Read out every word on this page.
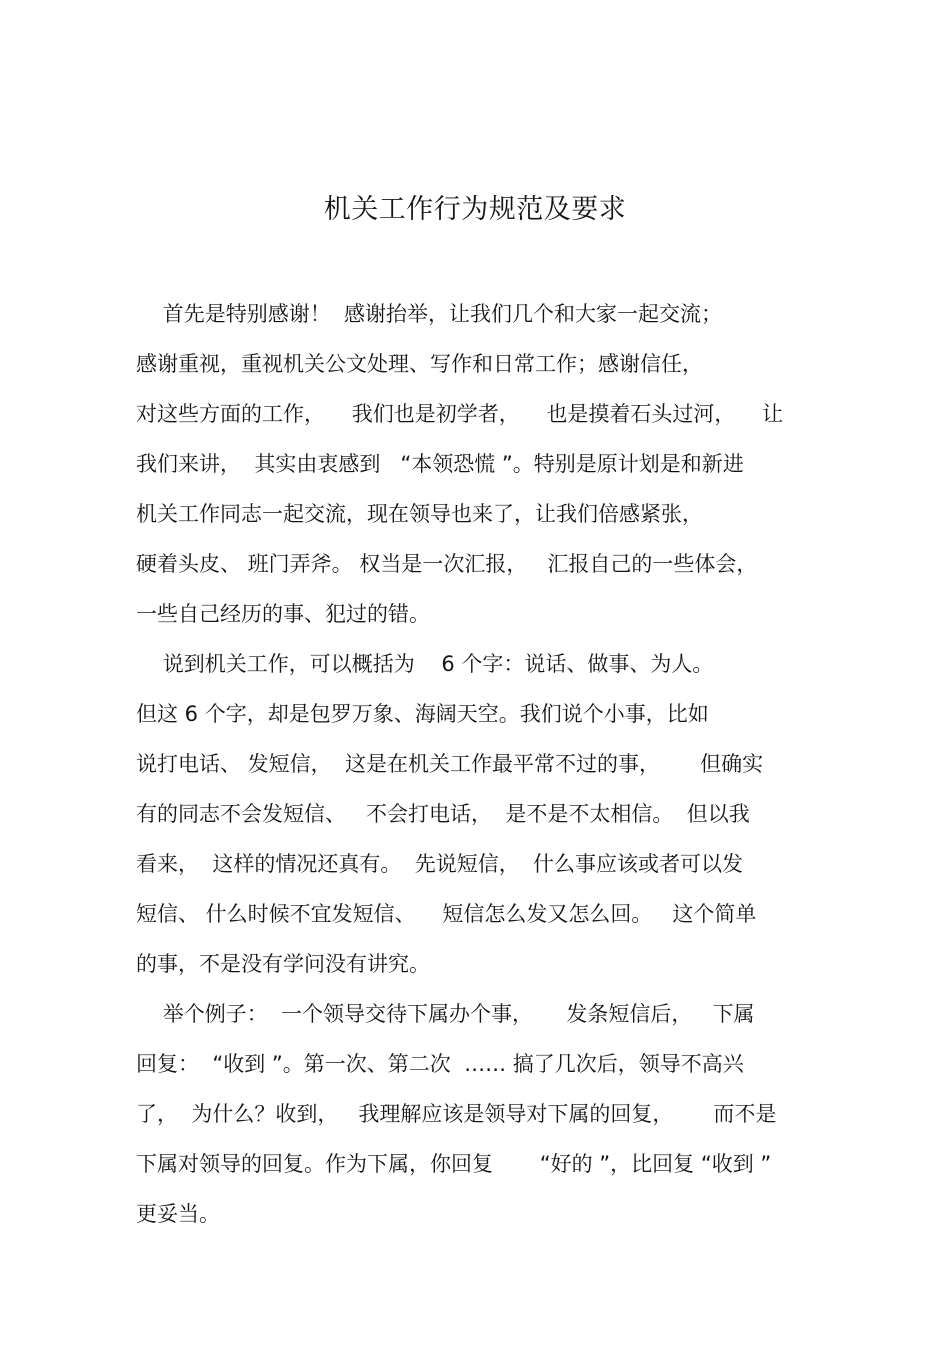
机关工作行为规范及要求
首先是特别感谢！  感谢抬举，让我们几个和大家一起交流；
感谢重视，重视机关公文处理、写作和日常工作；感谢信任，
对这些方面的工作，    我们也是初学者，    也是摸着石头过河，    让
我们来讲，  其实由衷感到   “本领恐慌 ”。特别是原计划是和新进
机关工作同志一起交流，现在领导也来了，让我们倍感紧张，
硬着头皮、 班门弄斧。 权当是一次汇报，   汇报自己的一些体会，
一些自己经历的事、犯过的错。
说到机关工作，可以概括为    6 个字：说话、做事、为人。
但这 6 个字，却是包罗万象、海阔天空。我们说个小事，比如
说打电话、 发短信，  这是在机关工作最平常不过的事，      但确实
有的同志不会发短信、   不会打电话，  是不是不太相信。  但以我
看来，  这样的情况还真有。  先说短信，  什么事应该或者可以发
短信、 什么时候不宜发短信、    短信怎么发又怎么回。   这个简单
的事，不是没有学问没有讲究。
举个例子：  一个领导交待下属办个事，     发条短信后，   下属
回复：  “收到 ”。第一次、第二次  …… 搞了几次后，领导不高兴
了，  为什么？收到，   我理解应该是领导对下属的回复，      而不是
下属对领导的回复。作为下属，你回复       “好的 ”，比回复 “收到 ”
更妥当。
